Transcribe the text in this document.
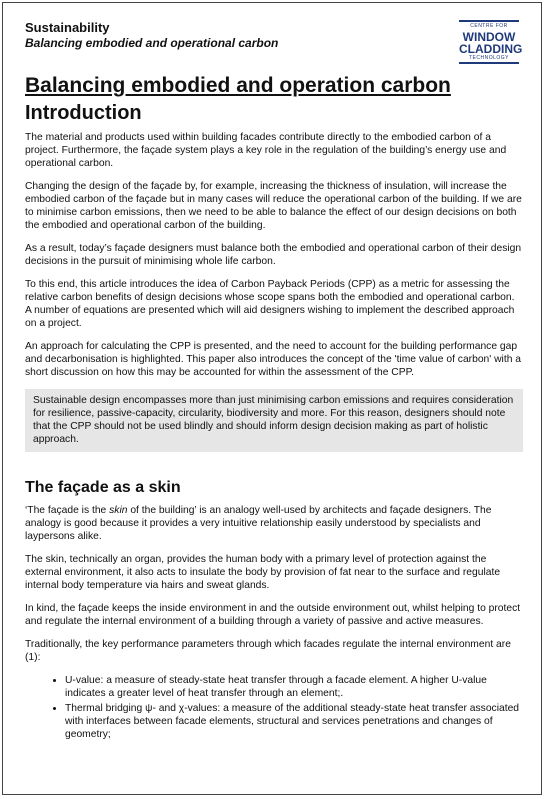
Sustainability
Balancing embodied and operational carbon
CENTRE FOR
WINDOW
CLADDING
TECHNOLOGY
Balancing embodied and operation carbon
Introduction

The material and products used within building facades contribute directly to the embodied carbon of a project. Furthermore, the façade system plays a key role in the regulation of the building’s energy use and operational carbon.

Changing the design of the façade by, for example, increasing the thickness of insulation, will increase the embodied carbon of the façade but in many cases will reduce the operational carbon of the building. If we are to minimise carbon emissions, then we need to be able to balance the effect of our design decisions on both the embodied and operational carbon of the building.

As a result, today’s façade designers must balance both the embodied and operational carbon of their design decisions in the pursuit of minimising whole life carbon.

To this end, this article introduces the idea of Carbon Payback Periods (CPP) as a metric for assessing the relative carbon benefits of design decisions whose scope spans both the embodied and operational carbon. A number of equations are presented which will aid designers wishing to implement the described approach on a project.

An approach for calculating the CPP is presented, and the need to account for the building performance gap and decarbonisation is highlighted. This paper also introduces the concept of the 'time value of carbon' with a short discussion on how this may be accounted for within the assessment of the CPP.

Sustainable design encompasses more than just minimising carbon emissions and requires consideration for resilience, passive-capacity, circularity, biodiversity and more. For this reason, designers should note that the CPP should not be used blindly and should inform design decision making as part of holistic approach.
The façade as a skin

‘The façade is the skin of the building’ is an analogy well-used by architects and façade designers. The analogy is good because it provides a very intuitive relationship easily understood by specialists and laypersons alike.

The skin, technically an organ, provides the human body with a primary level of protection against the external environment, it also acts to insulate the body by provision of fat near to the surface and regulate internal body temperature via hairs and sweat glands.

In kind, the façade keeps the inside environment in and the outside environment out, whilst helping to protect and regulate the internal environment of a building through a variety of passive and active measures.

Traditionally, the key performance parameters through which facades regulate the internal environment are (1):

• U-value: a measure of steady-state heat transfer through a facade element. A higher U-value indicates a greater level of heat transfer through an element;.
• Thermal bridging ψ- and χ-values: a measure of the additional steady-state heat transfer associated with interfaces between facade elements, structural and services penetrations and changes of geometry;
